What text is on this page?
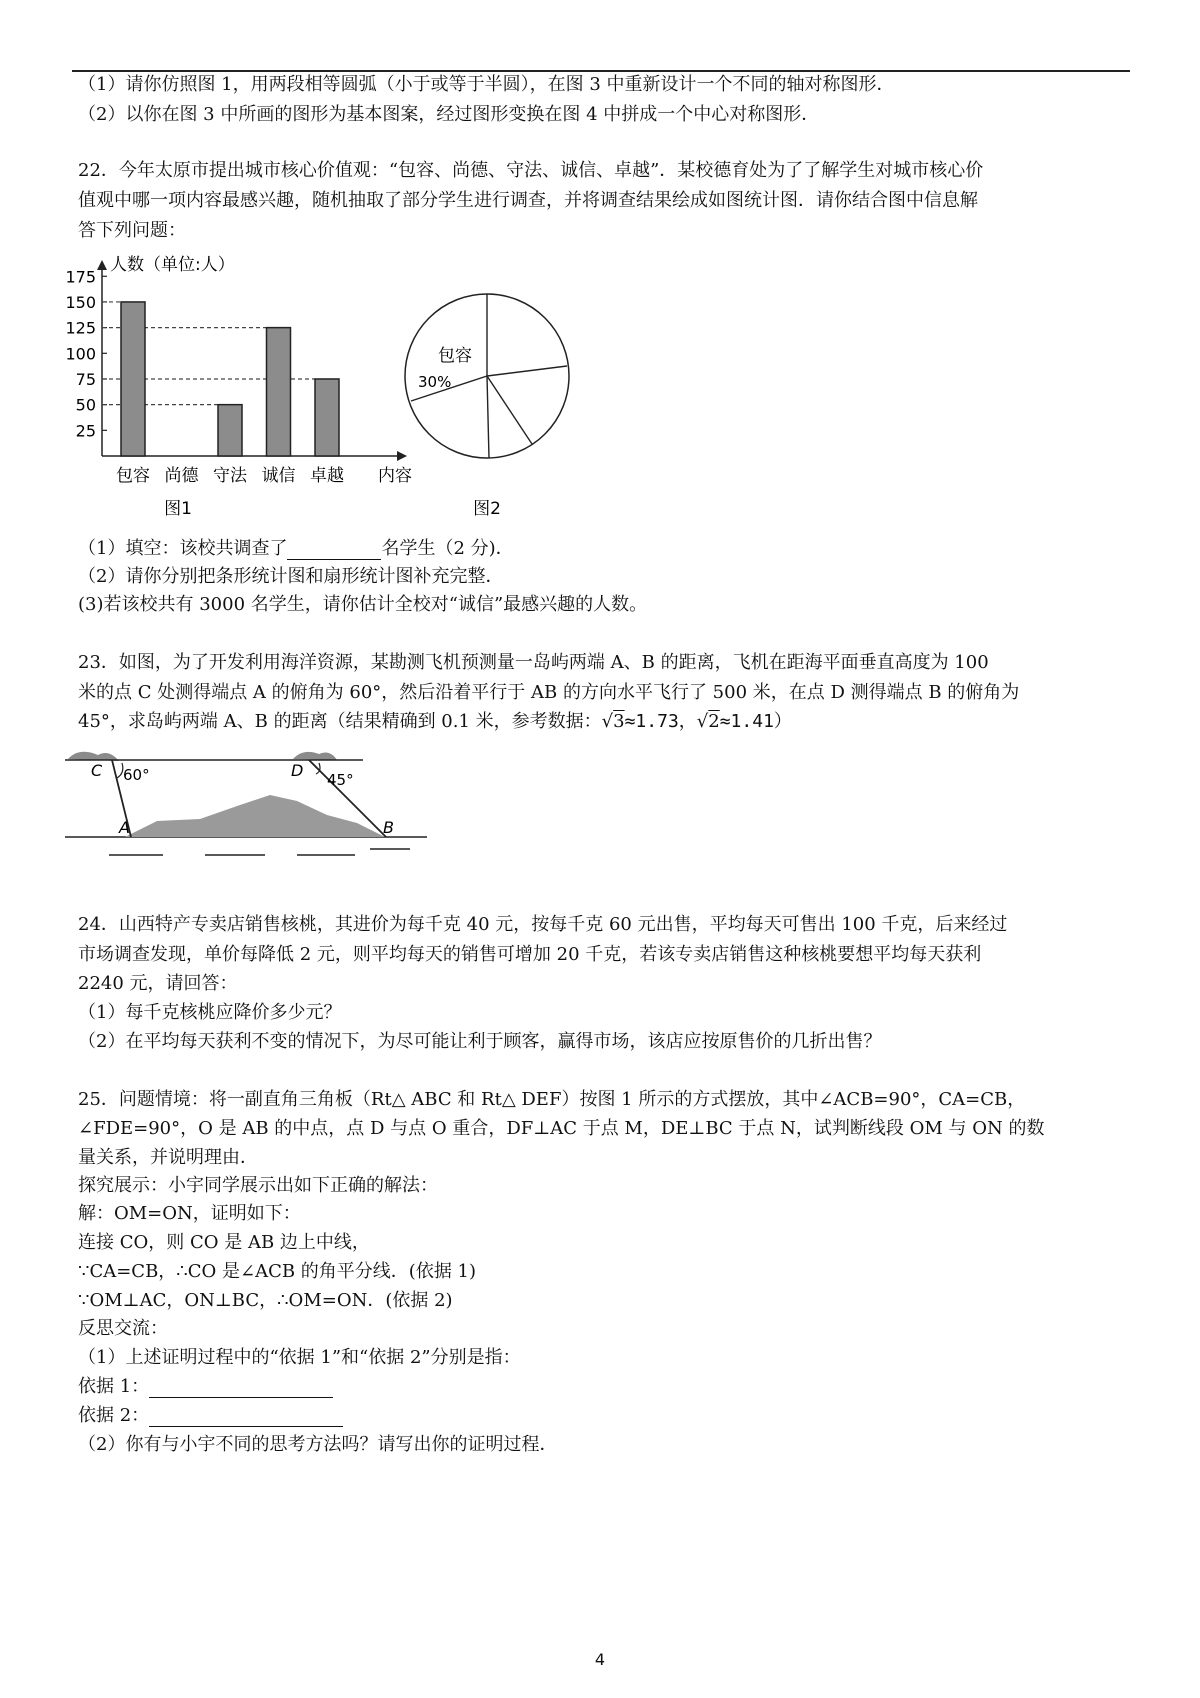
（1）请你仿照图 1，用两段相等圆弧（小于或等于半圆），在图 3 中重新设计一个不同的轴对称图形．
（2）以你在图 3 中所画的图形为基本图案，经过图形变换在图 4 中拼成一个中心对称图形．
22．今年太原市提出城市核心价值观：“包容、尚德、守法、诚信、卓越”．某校德育处为了了解学生对城市核心价
值观中哪一项内容最感兴趣，随机抽取了部分学生进行调查，并将调查结果绘成如图统计图．请你结合图中信息解
答下列问题：
人数（单位:人）
内容
25
50
75
100
125
150
175
包容 尚德 守法 诚信 卓越
图1
包容
30%
图2
（1）填空：该校共调查了	名学生（2 分)．
（2）请你分别把条形统计图和扇形统计图补充完整．
(3)若该校共有 3000 名学生，请你估计全校对“诚信”最感兴趣的人数。
23．如图，为了开发利用海洋资源，某勘测飞机预测量一岛屿两端 A、B 的距离，飞机在距海平面垂直高度为 100
米的点 C 处测得端点 A 的俯角为 60°，然后沿着平行于 AB 的方向水平飞行了 500 米，在点 D 测得端点 B 的俯角为
45°，求岛屿两端 A、B 的距离（结果精确到 0.1 米，参考数据：√3≈1.73，√2≈1.41）
C 60°	D 45°
A	B
24．山西特产专卖店销售核桃，其进价为每千克 40 元，按每千克 60 元出售，平均每天可售出 100 千克，后来经过
市场调查发现，单价每降低 2 元，则平均每天的销售可增加 20 千克，若该专卖店销售这种核桃要想平均每天获利
2240 元，请回答：
（1）每千克核桃应降价多少元？
（2）在平均每天获利不变的情况下，为尽可能让利于顾客，赢得市场，该店应按原售价的几折出售？
25．问题情境：将一副直角三角板（Rt△ ABC 和 Rt△ DEF）按图 1 所示的方式摆放，其中∠ACB=90°，CA=CB，
∠FDE=90°，O 是 AB 的中点，点 D 与点 O 重合，DF⊥AC 于点 M，DE⊥BC 于点 N，试判断线段 OM 与 ON 的数
量关系，并说明理由．
探究展示：小宇同学展示出如下正确的解法：
解：OM=ON，证明如下：
连接 CO，则 CO 是 AB 边上中线，
∵CA=CB，∴CO 是∠ACB 的角平分线．(依据 1)
∵OM⊥AC，ON⊥BC，∴OM=ON．(依据 2)
反思交流：
（1）上述证明过程中的“依据 1”和“依据 2”分别是指：
依据 1：
依据 2：
（2）你有与小宇不同的思考方法吗？请写出你的证明过程．
4
